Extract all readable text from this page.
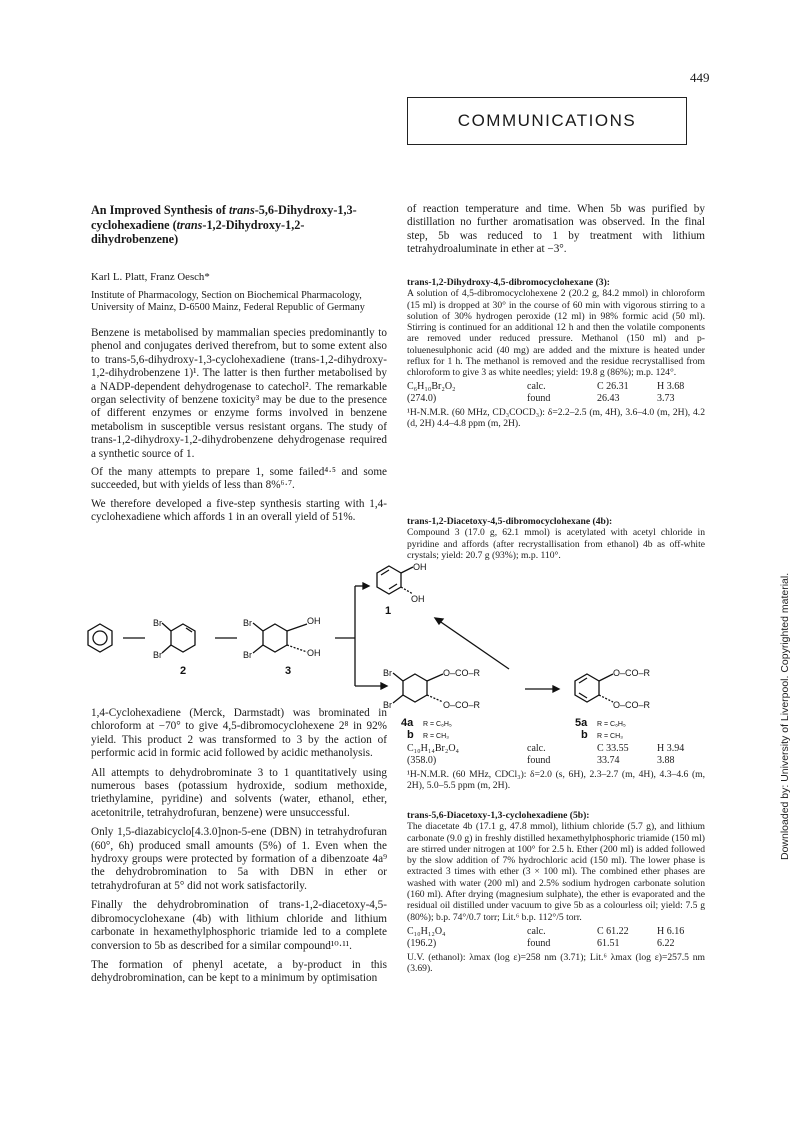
449
COMMUNICATIONS
An Improved Synthesis of trans-5,6-Dihydroxy-1,3-cyclohexadiene (trans-1,2-Dihydroxy-1,2-dihydrobenzene)
Karl L. Platt, Franz Oesch*
Institute of Pharmacology, Section on Biochemical Pharmacology, University of Mainz, D-6500 Mainz, Federal Republic of Germany

Benzene is metabolised by mammalian species predominantly to phenol and conjugates derived therefrom, but to some extent also to trans-5,6-dihydroxy-1,3-cyclohexadiene (trans-1,2-dihydroxy-1,2-dihydrobenzene 1)¹. The latter is then further metabolised by a NADP-dependent dehydrogenase to catechol². The remarkable organ selectivity of benzene toxicity³ may be due to the presence of different enzymes or enzyme forms involved in benzene metabolism in susceptible versus resistant organs. The study of trans-1,2-dihydroxy-1,2-dihydrobenzene dehydrogenase required a synthetic source of 1.

Of the many attempts to prepare 1, some failed⁴·⁵ and some succeeded, but with yields of less than 8%⁶·⁷.

We therefore developed a five-step synthesis starting with 1,4-cyclohexadiene which affords 1 in an overall yield of 51%.

1,4-Cyclohexadiene (Merck, Darmstadt) was brominated in chloroform at −70° to give 4,5-dibromocyclohexene 2⁸ in 92% yield. This product 2 was transformed to 3 by the action of performic acid in formic acid followed by acidic methanolysis.

All attempts to dehydrobrominate 3 to 1 quantitatively using numerous bases (potassium hydroxide, sodium methoxide, triethylamine, pyridine) and solvents (water, ethanol, ether, acetonitrile, tetrahydrofuran, benzene) were unsuccessful.

Only 1,5-diazabicyclo[4.3.0]non-5-ene (DBN) in tetrahydrofuran (60°, 6h) produced small amounts (5%) of 1. Even when the hydroxy groups were protected by formation of a dibenzoate 4a⁹ the dehydrobromination to 5a with DBN in ether or tetrahydrofuran at 5° did not work satisfactorily.

Finally the dehydrobromination of trans-1,2-diacetoxy-4,5-dibromocyclohexane (4b) with lithium chloride and lithium carbonate in hexamethylphosphoric triamide led to a complete conversion to 5b as described for a similar compound¹⁰·¹¹.

The formation of phenyl acetate, a by-product in this dehydrobromination, can be kept to a minimum by optimisation

of reaction temperature and time. When 5b was purified by distillation no further aromatisation was observed. In the final step, 5b was reduced to 1 by treatment with lithium tetrahydroaluminate in ether at −3°.

trans-1,2-Dihydroxy-4,5-dibromocyclohexane (3):

A solution of 4,5-dibromocyclohexene 2 (20.2 g, 84.2 mmol) in chloroform (15 ml) is dropped at 30° in the course of 60 min with vigorous stirring to a solution of 30% hydrogen peroxide (12 ml) in 98% formic acid (50 ml). Stirring is continued for an additional 12 h and then the volatile components are removed under reduced pressure. Methanol (150 ml) and p-toluenesulphonic acid (40 mg) are added and the mixture is heated under reflux for 1 h. The methanol is removed and the residue recrystallised from chloroform to give 3 as white needles; yield: 19.8 g (86%); m.p. 124°.

C₆H₁₀Br₂O₂	calc.	C 26.31	H 3.68
(274.0)	found	26.43	3.73

¹H-N.M.R. (60 MHz, CD₃COCD₃): δ=2.2–2.5 (m, 4H), 3.6–4.0 (m, 2H), 4.2 (d, 2H) 4.4–4.8 ppm (m, 2H).

trans-1,2-Diacetoxy-4,5-dibromocyclohexane (4b):

Compound 3 (17.0 g, 62.1 mmol) is acetylated with acetyl chloride in pyridine and affords (after recrystallisation from ethanol) 4b as off-white crystals; yield: 20.7 g (93%); m.p. 110°.

OH
OH
1
Br
Br
2
Br
Br
OH
OH
3	Br
Br
O–CO–R
O–CO–R
O–CO–R
O–CO–R
4a R = C₆H₅
b R = CH₃
5a R = C₆H₅
b R = CH₃
C₁₀H₁₄Br₂O₄	calc.	C 33.55	H 3.94
(358.0)	found	33.74	3.88

¹H-N.M.R. (60 MHz, CDCl₃): δ=2.0 (s, 6H), 2.3–2.7 (m, 4H), 4.3–4.6 (m, 2H), 5.0–5.5 ppm (m, 2H).

trans-5,6-Diacetoxy-1,3-cyclohexadiene (5b):

The diacetate 4b (17.1 g, 47.8 mmol), lithium chloride (5.7 g), and lithium carbonate (9.0 g) in freshly distilled hexamethylphosphoric triamide (150 ml) are stirred under nitrogen at 100° for 2.5 h. Ether (200 ml) is added followed by the slow addition of 7% hydrochloric acid (150 ml). The lower phase is extracted 3 times with ether (3 × 100 ml). The combined ether phases are washed with water (200 ml) and 2.5% sodium hydrogen carbonate solution (160 ml). After drying (magnesium sulphate), the ether is evaporated and the residual oil distilled under vacuum to give 5b as a colourless oil; yield: 7.5 g (80%); b.p. 74°/0.7 torr; Lit.⁶ b.p. 112°/5 torr.

C₁₀H₁₂O₄	calc.	C 61.22	H 6.16
(196.2)	found	61.51	6.22

U.V. (ethanol): λmax (log ε)=258 nm (3.71); Lit.⁶ λmax (log ε)=257.5 nm (3.69).

Downloaded by: University of Liverpool. Copyrighted material.
